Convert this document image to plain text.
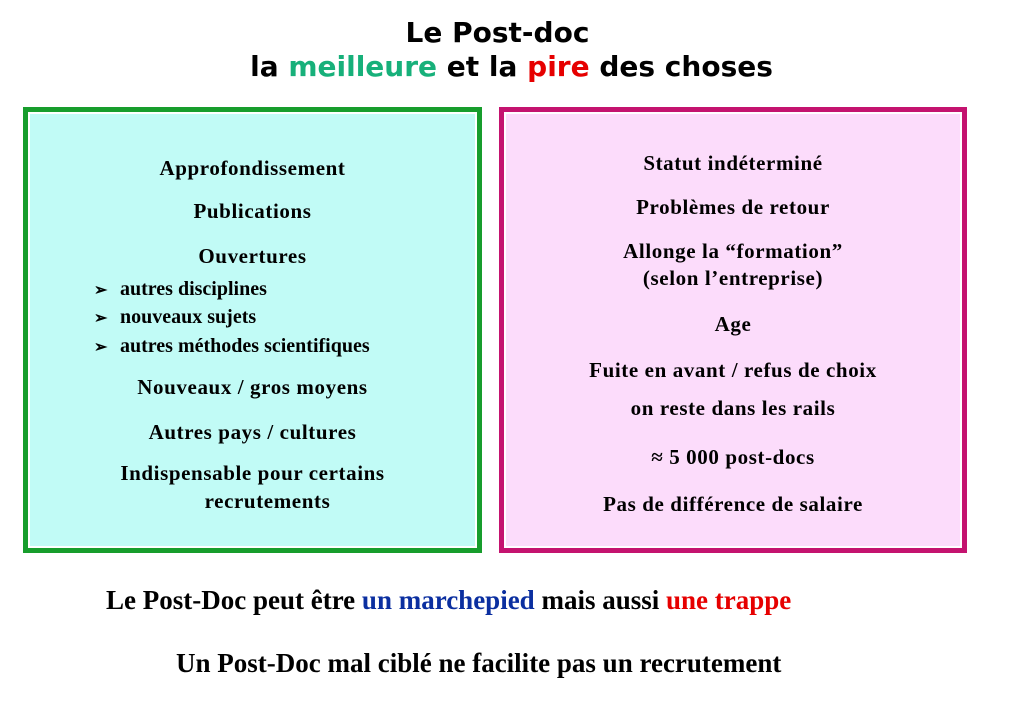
Le Post-doc
la meilleure et la pire des choses
Approfondissement
Publications
Ouvertures
➢ autres disciplines
➢ nouveaux sujets
➢ autres méthodes scientifiques
Nouveaux / gros moyens
Autres pays / cultures
Indispensable pour certains
recrutements
Statut indéterminé
Problèmes de retour
Allonge la “formation”
(selon l’entreprise)
Age
Fuite en avant / refus de choix
on reste dans les rails
≈ 5 000 post-docs
Pas de différence de salaire
Le Post-Doc peut être un marchepied mais aussi une trappe
Un Post-Doc mal ciblé ne facilite pas un recrutement
